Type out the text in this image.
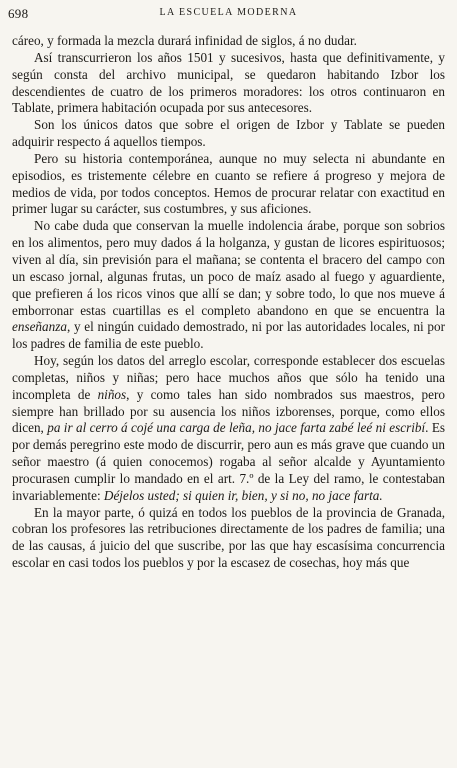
698	LA ESCUELA MODERNA

cáreo, y formada la mezcla durará infinidad de siglos, á no dudar.

Así transcurrieron los años 1501 y sucesivos, hasta que definitivamente, y según consta del archivo municipal, se quedaron habitando Izbor los descendientes de cuatro de los primeros moradores: los otros continuaron en Tablate, primera habitación ocupada por sus antecesores.

Son los únicos datos que sobre el origen de Izbor y Tablate se pueden adquirir respecto á aquellos tiempos.

Pero su historia contemporánea, aunque no muy selecta ni abundante en episodios, es tristemente célebre en cuanto se refiere á progreso y mejora de medios de vida, por todos conceptos. Hemos de procurar relatar con exactitud en primer lugar su carácter, sus costumbres, y sus aficiones.

No cabe duda que conservan la muelle indolencia árabe, porque son sobrios en los alimentos, pero muy dados á la holganza, y gustan de licores espirituosos; viven al día, sin previsión para el mañana; se contenta el bracero del campo con un escaso jornal, algunas frutas, un poco de maíz asado al fuego y aguardiente, que prefieren á los ricos vinos que allí se dan; y sobre todo, lo que nos mueve á emborronar estas cuartillas es el completo abandono en que se encuentra la enseñanza, y el ningún cuidado demostrado, ni por las autoridades locales, ni por los padres de familia de este pueblo.

Hoy, según los datos del arreglo escolar, corresponde establecer dos escuelas completas, niños y niñas; pero hace muchos años que sólo ha tenido una incompleta de niños, y como tales han sido nombrados sus maestros, pero siempre han brillado por su ausencia los niños izborenses, porque, como ellos dicen, pa ir al cerro á cojé una carga de leña, no jace farta zabé leé ni escribí. Es por demás peregrino este modo de discurrir, pero aun es más grave que cuando un señor maestro (á quien conocemos) rogaba al señor alcalde y Ayuntamiento procurasen cumplir lo mandado en el art. 7.º de la Ley del ramo, le contestaban invariablemente: Déjelos usted; si quien ir, bien, y si no, no jace farta.

En la mayor parte, ó quizá en todos los pueblos de la provincia de Granada, cobran los profesores las retribuciones directamente de los padres de familia; una de las causas, á juicio del que suscribe, por las que hay escasísima concurrencia escolar en casi todos los pueblos y por la escasez de cosechas, hoy más que
